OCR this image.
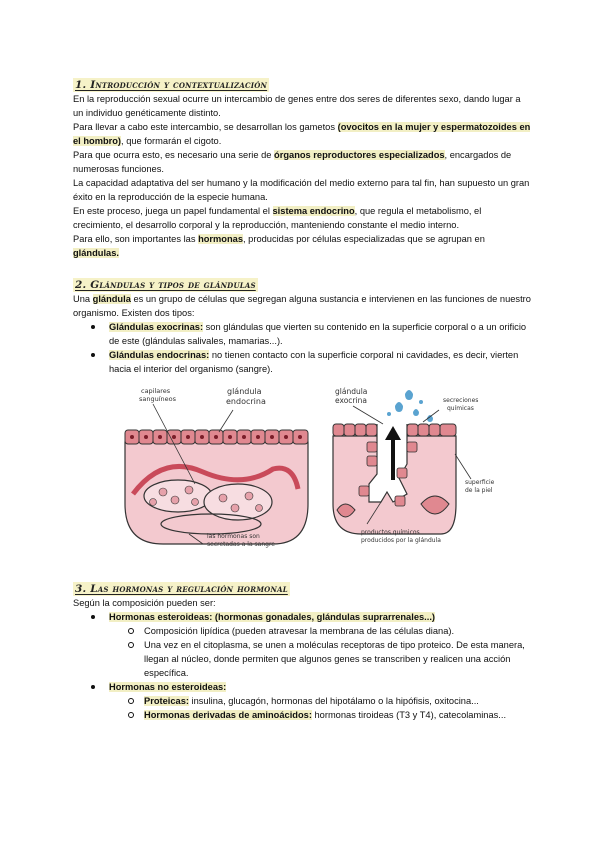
1. Introducción y contextualización

En la reproducción sexual ocurre un intercambio de genes entre dos seres de diferentes sexo, dando lugar a un individuo genéticamente distinto.

Para llevar a cabo este intercambio, se desarrollan los gametos (ovocitos en la mujer y espermatozoides en el hombro), que formarán el cigoto.

Para que ocurra esto, es necesario una serie de órganos reproductores especializados, encargados de numerosas funciones.

La capacidad adaptativa del ser humano y la modificación del medio externo para tal fin, han supuesto un gran éxito en la reproducción de la especie humana.

En este proceso, juega un papel fundamental el sistema endocrino, que regula el metabolismo, el crecimiento, el desarrollo corporal y la reproducción, manteniendo constante el medio interno.

Para ello, son importantes las hormonas, producidas por células especializadas que se agrupan en glándulas.

2. Glándulas y tipos de glándulas

Una glándula es un grupo de células que segregan alguna sustancia e intervienen en las funciones de nuestro organismo. Existen dos tipos:

Glándulas exocrinas: son glándulas que vierten su contenido en la superficie corporal o a un orificio de este (glándulas salivales, mamarias...).
Glándulas endocrinas: no tienen contacto con la superficie corporal ni cavidades, es decir, vierten hacia el interior del organismo (sangre).
capilares
sanguíneos
glándula
endocrina
las hormonas son
secretadas a la sangre
glándula
exocrina	secreciones
químicas
superficie
de la piel
productos químicos
producidos por la glándula
3. Las hormonas y regulación hormonal

Según la composición pueden ser:

Hormonas esteroideas: (hormonas gonadales, glándulas suprarrenales...)
Composición lipídica (pueden atravesar la membrana de las células diana).
Una vez en el citoplasma, se unen a moléculas receptoras de tipo proteico. De esta manera, llegan al núcleo, donde permiten que algunos genes se transcriben y realicen una acción específica.
Hormonas no esteroideas:
Proteicas: insulina, glucagón, hormonas del hipotálamo o la hipófisis, oxitocina...
Hormonas derivadas de aminoácidos: hormonas tiroideas (T3 y T4), catecolaminas...
